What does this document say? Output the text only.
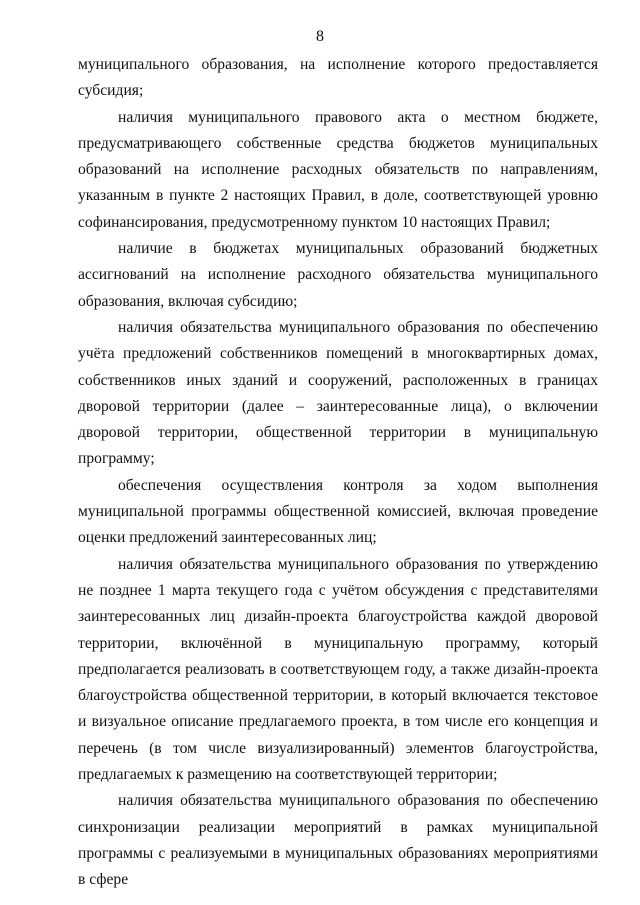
8

муниципального образования, на исполнение которого предоставляется субсидия;

наличия муниципального правового акта о местном бюджете, предусматривающего собственные средства бюджетов муниципальных образований на исполнение расходных обязательств по направлениям, указанным в пункте 2 настоящих Правил, в доле, соответствующей уровню софинансирования, предусмотренному пунктом 10 настоящих Правил;

наличие в бюджетах муниципальных образований бюджетных ассигнований на исполнение расходного обязательства муниципального образования, включая субсидию;

наличия обязательства муниципального образования по обеспечению учёта предложений собственников помещений в многоквартирных домах, собственников иных зданий и сооружений, расположенных в границах дворовой территории (далее – заинтересованные лица), о включении дворовой территории, общественной территории в муниципальную программу;

обеспечения осуществления контроля за ходом выполнения муниципальной программы общественной комиссией, включая проведение оценки предложений заинтересованных лиц;

наличия обязательства муниципального образования по утверждению не позднее 1 марта текущего года с учётом обсуждения с представителями заинтересованных лиц дизайн-проекта благоустройства каждой дворовой территории, включённой в муниципальную программу, который предполагается реализовать в соответствующем году, а также дизайн-проекта благоустройства общественной территории, в который включается текстовое и визуальное описание предлагаемого проекта, в том числе его концепция и перечень (в том числе визуализированный) элементов благоустройства, предлагаемых к размещению на соответствующей территории;

наличия обязательства муниципального образования по обеспечению синхронизации реализации мероприятий в рамках муниципальной программы с реализуемыми в муниципальных образованиях мероприятиями в сфере
